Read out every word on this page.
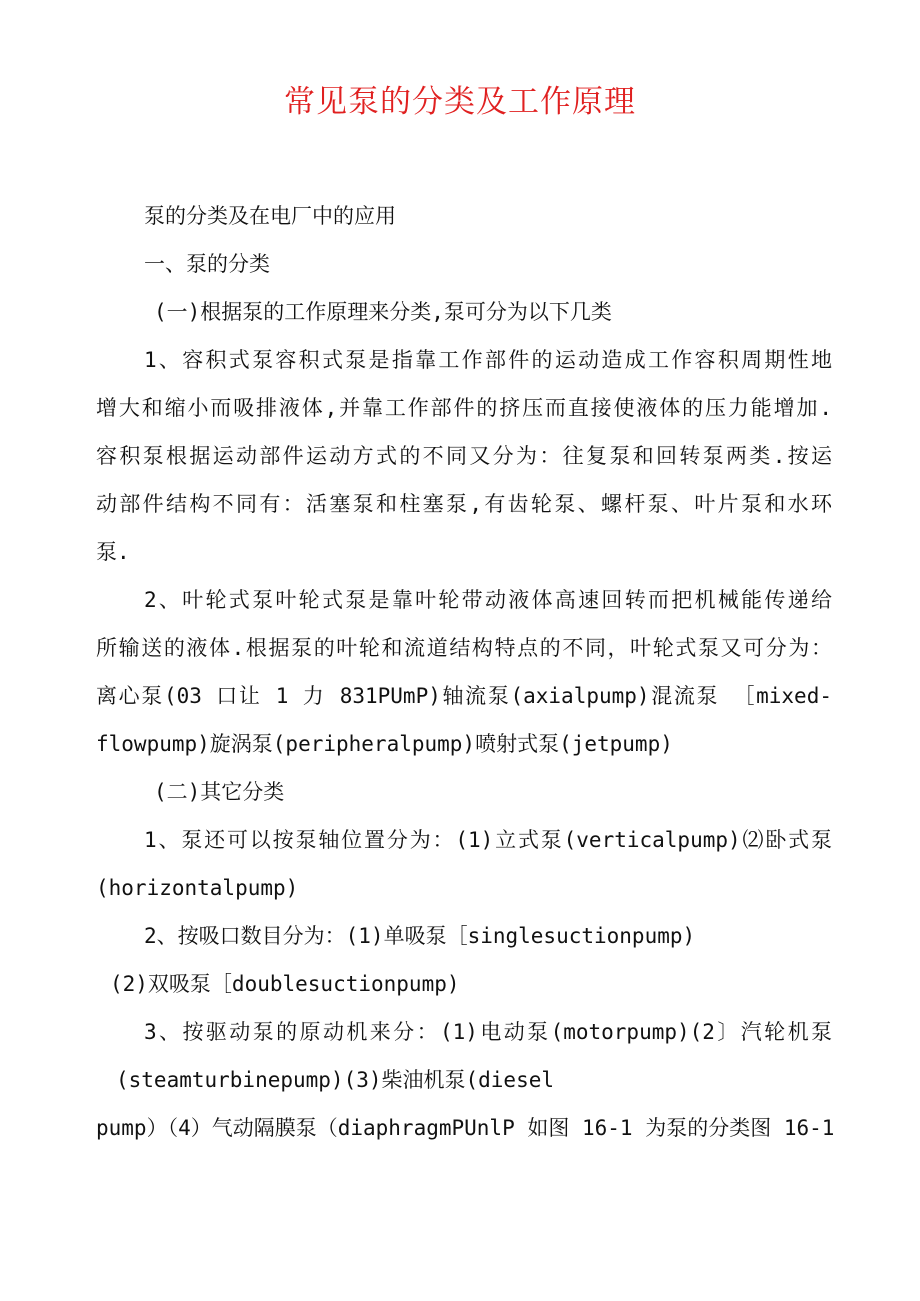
常见泵的分类及工作原理
泵的分类及在电厂中的应用
一、泵的分类
(一)根据泵的工作原理来分类,泵可分为以下几类
1、容积式泵容积式泵是指靠工作部件的运动造成工作容积周期性地
增大和缩小而吸排液体,并靠工作部件的挤压而直接使液体的压力能增加.
容积泵根据运动部件运动方式的不同又分为：往复泵和回转泵两类.按运
动部件结构不同有：活塞泵和柱塞泵,有齿轮泵、螺杆泵、叶片泵和水环
泵.
2、叶轮式泵叶轮式泵是靠叶轮带动液体高速回转而把机械能传递给
所输送的液体.根据泵的叶轮和流道结构特点的不同，叶轮式泵又可分为：
离心泵(03 口让 1 力 831PUmP)轴流泵(axialpump)混流泵 ［mixed-
flowpump)旋涡泵(peripheralpump)喷射式泵(jetpump)
(二)其它分类
1、泵还可以按泵轴位置分为：(1)立式泵(verticalpump)⑵卧式泵
(horizontalpump)
2、按吸口数目分为：(1)单吸泵［singlesuctionpump)
(2)双吸泵［doublesuctionpump)
3、按驱动泵的原动机来分：(1)电动泵(motorpump)(2〕汽轮机泵
(steamturbinepump)(3)柴油机泵(diesel
pump）（4）气动隔膜泵（diaphragmPUnlP 如图 16-1 为泵的分类图 16-1
